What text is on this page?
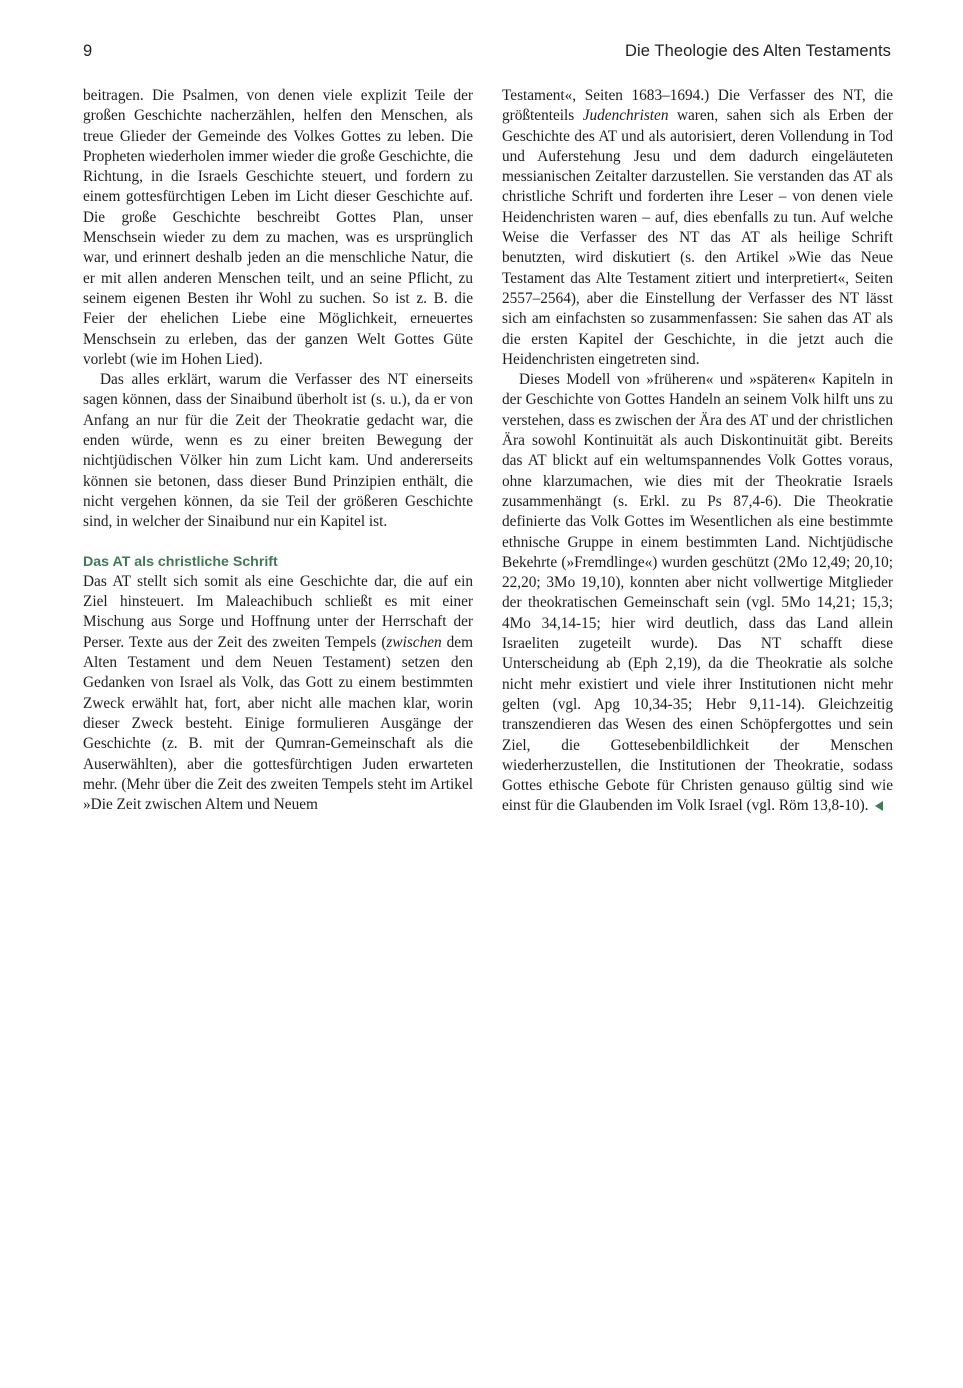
9	Die Theologie des Alten Testaments

beitragen. Die Psalmen, von denen viele explizit Teile der großen Geschichte nacherzählen, helfen den Menschen, als treue Glieder der Gemeinde des Volkes Gottes zu leben. Die Propheten wiederholen immer wieder die große Geschichte, die Richtung, in die Israels Geschichte steuert, und fordern zu einem gottesfürchtigen Leben im Licht dieser Geschichte auf. Die große Geschichte beschreibt Gottes Plan, unser Menschsein wieder zu dem zu machen, was es ursprünglich war, und erinnert deshalb jeden an die menschliche Natur, die er mit allen anderen Menschen teilt, und an seine Pflicht, zu seinem eigenen Besten ihr Wohl zu suchen. So ist z. B. die Feier der ehelichen Liebe eine Möglichkeit, erneuertes Menschsein zu erleben, das der ganzen Welt Gottes Güte vorlebt (wie im Hohen Lied).

Das alles erklärt, warum die Verfasser des NT einerseits sagen können, dass der Sinaibund überholt ist (s. u.), da er von Anfang an nur für die Zeit der Theokratie gedacht war, die enden würde, wenn es zu einer breiten Bewegung der nichtjüdischen Völker hin zum Licht kam. Und andererseits können sie betonen, dass dieser Bund Prinzipien enthält, die nicht vergehen können, da sie Teil der größeren Geschichte sind, in welcher der Sinaibund nur ein Kapitel ist.

Das AT als christliche Schrift

Das AT stellt sich somit als eine Geschichte dar, die auf ein Ziel hinsteuert. Im Maleachibuch schließt es mit einer Mischung aus Sorge und Hoffnung unter der Herrschaft der Perser. Texte aus der Zeit des zweiten Tempels (zwischen dem Alten Testament und dem Neuen Testament) setzen den Gedanken von Israel als Volk, das Gott zu einem bestimmten Zweck erwählt hat, fort, aber nicht alle machen klar, worin dieser Zweck besteht. Einige formulieren Ausgänge der Geschichte (z. B. mit der Qumran-Gemeinschaft als die Auserwählten), aber die gottesfürchtigen Juden erwarteten mehr. (Mehr über die Zeit des zweiten Tempels steht im Artikel »Die Zeit zwischen Altem und Neuem

Testament«, Seiten 1683–1694.) Die Verfasser des NT, die größtenteils Judenchristen waren, sahen sich als Erben der Geschichte des AT und als autorisiert, deren Vollendung in Tod und Auferstehung Jesu und dem dadurch eingeläuteten messianischen Zeitalter darzustellen. Sie verstanden das AT als christliche Schrift und forderten ihre Leser – von denen viele Heidenchristen waren – auf, dies ebenfalls zu tun. Auf welche Weise die Verfasser des NT das AT als heilige Schrift benutzten, wird diskutiert (s. den Artikel »Wie das Neue Testament das Alte Testament zitiert und interpretiert«, Seiten 2557–2564), aber die Einstellung der Verfasser des NT lässt sich am einfachsten so zusammenfassen: Sie sahen das AT als die ersten Kapitel der Geschichte, in die jetzt auch die Heidenchristen eingetreten sind.

Dieses Modell von »früheren« und »späteren« Kapiteln in der Geschichte von Gottes Handeln an seinem Volk hilft uns zu verstehen, dass es zwischen der Ära des AT und der christlichen Ära sowohl Kontinuität als auch Diskontinuität gibt. Bereits das AT blickt auf ein weltumspannendes Volk Gottes voraus, ohne klarzumachen, wie dies mit der Theokratie Israels zusammenhängt (s. Erkl. zu Ps 87,4-6). Die Theokratie definierte das Volk Gottes im Wesentlichen als eine bestimmte ethnische Gruppe in einem bestimmten Land. Nichtjüdische Bekehrte (»Fremdlinge«) wurden geschützt (2Mo 12,49; 20,10; 22,20; 3Mo 19,10), konnten aber nicht vollwertige Mitglieder der theokratischen Gemeinschaft sein (vgl. 5Mo 14,21; 15,3; 4Mo 34,14-15; hier wird deutlich, dass das Land allein Israeliten zugeteilt wurde). Das NT schafft diese Unterscheidung ab (Eph 2,19), da die Theokratie als solche nicht mehr existiert und viele ihrer Institutionen nicht mehr gelten (vgl. Apg 10,34-35; Hebr 9,11-14). Gleichzeitig transzendieren das Wesen des einen Schöpfergottes und sein Ziel, die Gottesebenbildlichkeit der Menschen wiederherzustellen, die Institutionen der Theokratie, sodass Gottes ethische Gebote für Christen genauso gültig sind wie einst für die Glaubenden im Volk Israel (vgl. Röm 13,8-10).
